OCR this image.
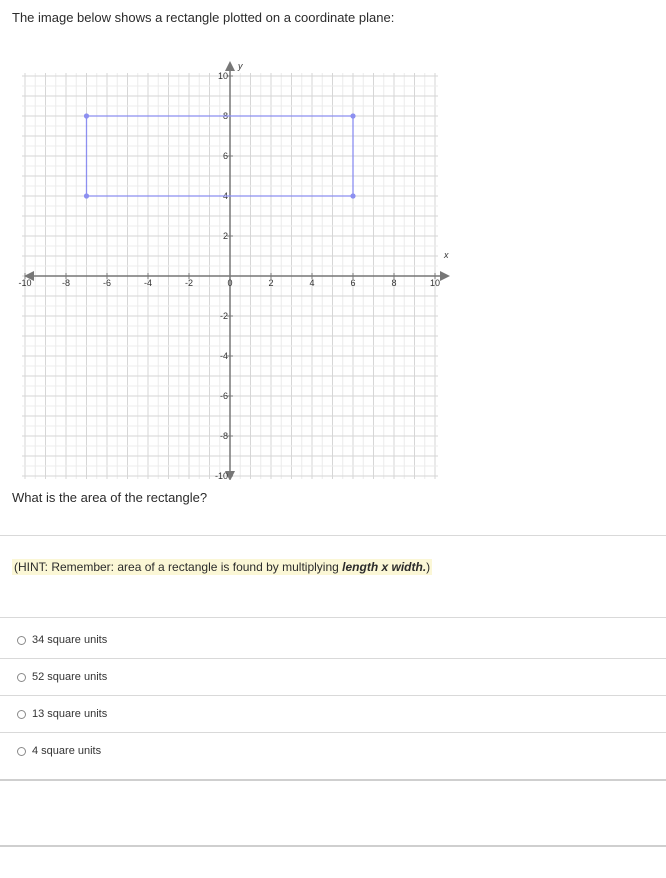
The image below shows a rectangle plotted on a coordinate plane:
x
y
-10	-8	-6	-4	-2	0	2	4	6	8	10
10
8
6
4
2
-2
-4
-6
-8
-10
What is the area of the rectangle?
(HINT: Remember: area of a rectangle is found by multiplying length x width.)
34 square units
52 square units
13 square units
4 square units
